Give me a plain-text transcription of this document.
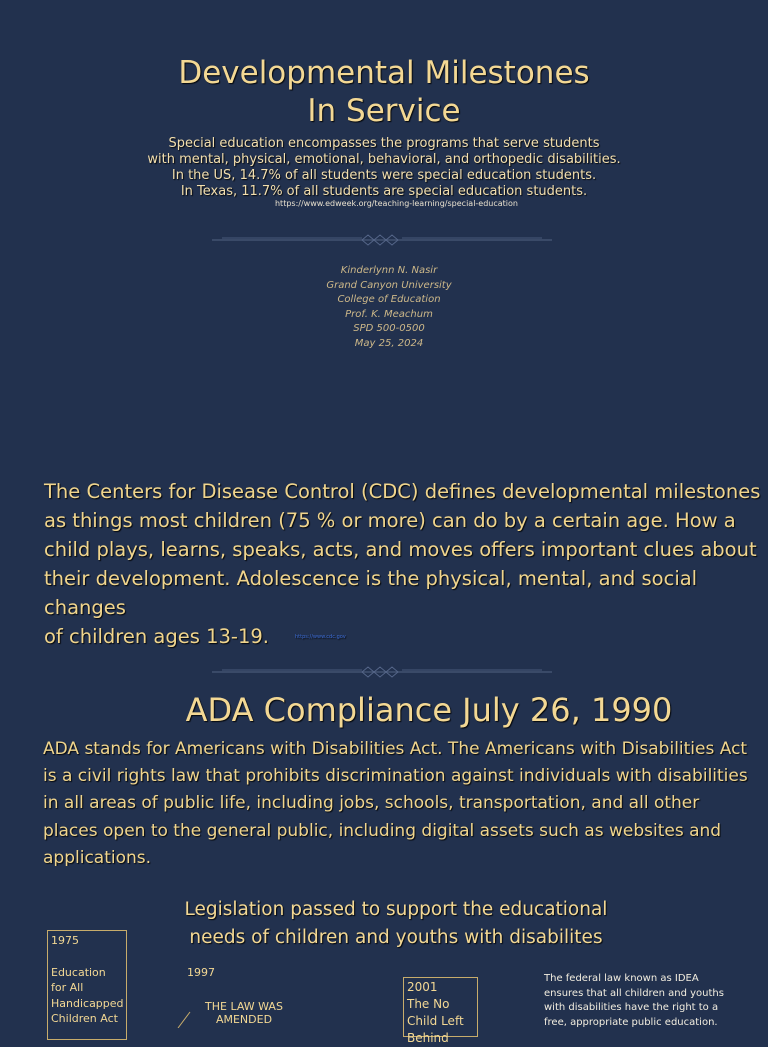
Developmental Milestones
In Service
Special education encompasses the programs that serve students
with mental, physical, emotional, behavioral, and orthopedic disabilities.
In the US, 14.7% of all students were special education students.
In Texas, 11.7% of all students are special education students.
https://www.edweek.org/teaching-learning/special-education
Kinderlynn N. Nasir
Grand Canyon University
College of Education
Prof. K. Meachum
SPD 500-0500
May 25, 2024
The Centers for Disease Control (CDC) defines developmental milestones as things most children (75 % or more) can do by a certain age. How a child plays, learns, speaks, acts, and moves offers important clues about their development. Adolescence is the physical, mental, and social changes
of children ages 13-19.	https://www.cdc.gov
ADA Compliance July 26, 1990
ADA stands for Americans with Disabilities Act. The Americans with Disabilities Act is a civil rights law that prohibits discrimination against individuals with disabilities in all areas of public life, including jobs, schools, transportation, and all other places open to the general public, including digital assets such as websites and applications.
Legislation passed to support the educational
needs of children and youths with disabilites
1975
Education for All Handicapped Children Act
1997
THE LAW WAS AMENDED
2001
The No Child Left Behind
The federal law known as IDEA ensures that all children and youths with disabilities have the right to a free, appropriate public education.
